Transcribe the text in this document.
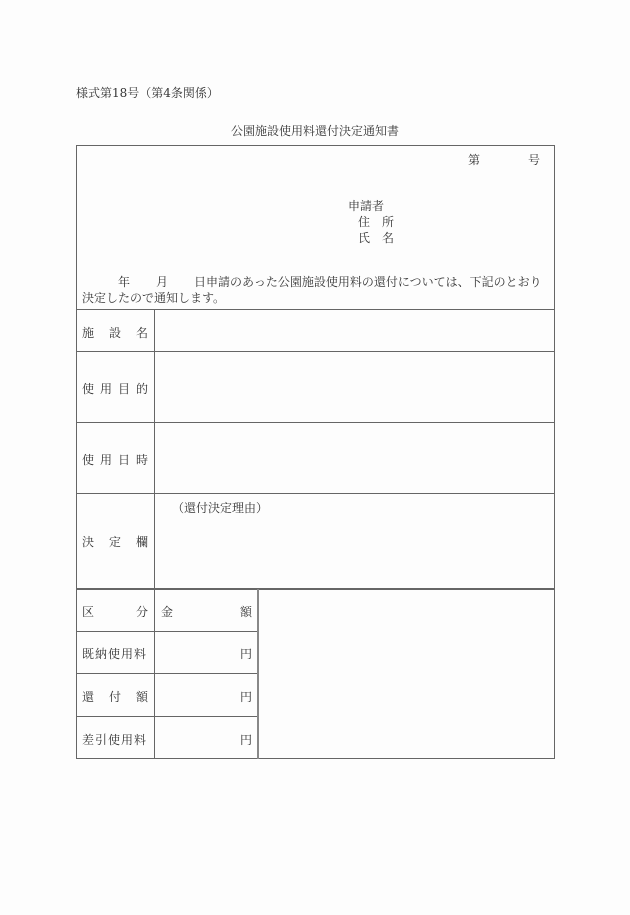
様式第18号（第4条関係）
公園施設使用料還付決定通知書
第	号
申請者
住　所
氏　名
年 月 日申請のあった公園施設使用料の還付については、下記のとおり決定したので通知します。
施 設 名
使 用 目 的
使 用 日 時
決 定 欄
（還付決定理由）
区	分 金	額
既納使用料	円
還 付 額	円
差引使用料	円
